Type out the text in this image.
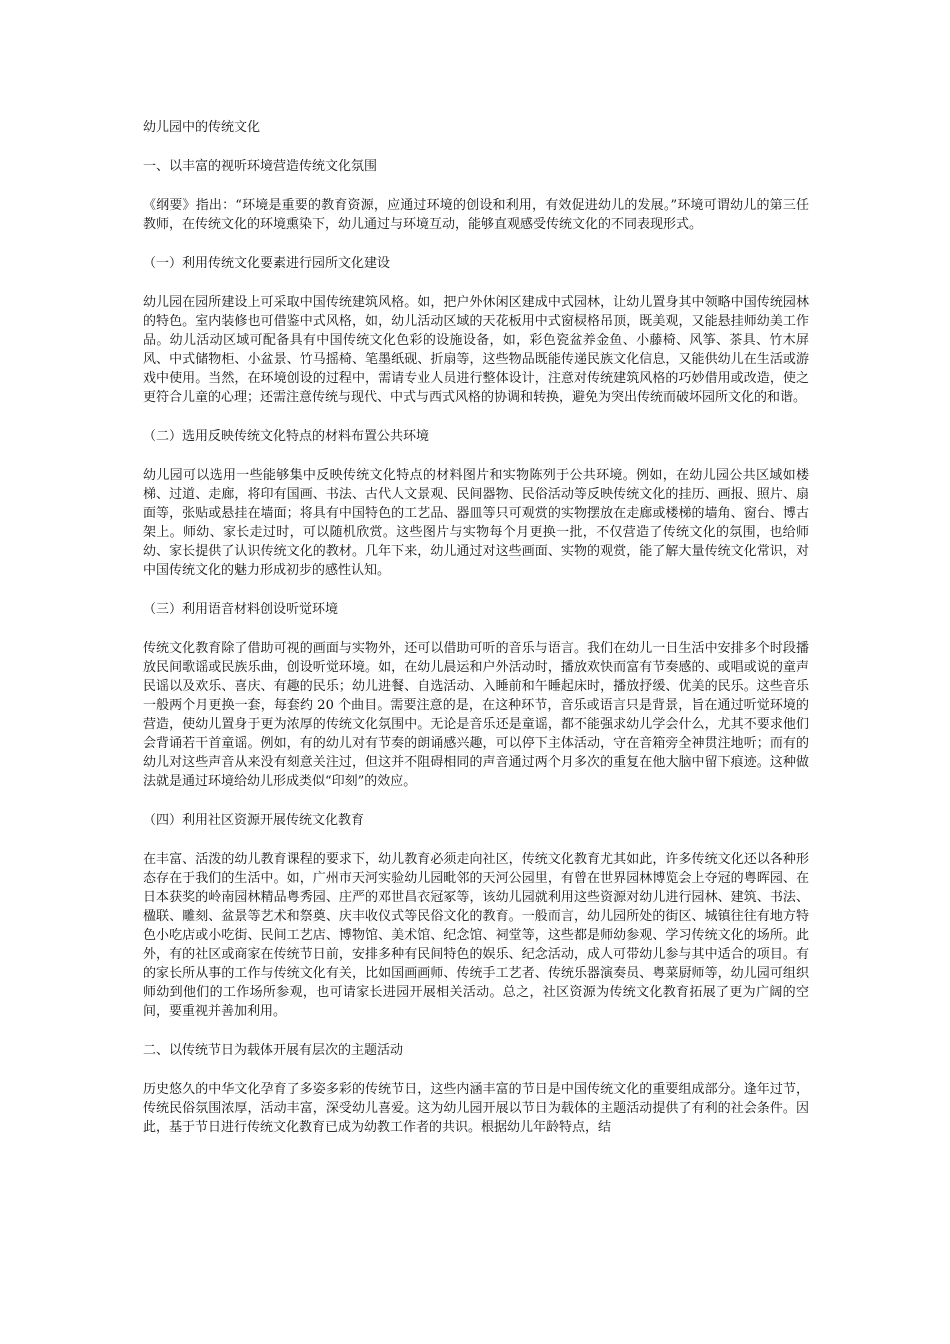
幼儿园中的传统文化

一、以丰富的视听环境营造传统文化氛围

《纲要》指出：“环境是重要的教育资源，应通过环境的创设和利用，有效促进幼儿的发展。”环境可谓幼儿的第三任教师，在传统文化的环境熏染下，幼儿通过与环境互动，能够直观感受传统文化的不同表现形式。

（一）利用传统文化要素进行园所文化建设

幼儿园在园所建设上可采取中国传统建筑风格。如，把户外休闲区建成中式园林，让幼儿置身其中领略中国传统园林的特色。室内装修也可借鉴中式风格，如，幼儿活动区域的天花板用中式窗棂格吊顶，既美观，又能悬挂师幼美工作品。幼儿活动区域可配备具有中国传统文化色彩的设施设备，如，彩色瓷盆养金鱼、小藤椅、风筝、茶具、竹木屏风、中式储物柜、小盆景、竹马摇椅、笔墨纸砚、折扇等，这些物品既能传递民族文化信息，又能供幼儿在生活或游戏中使用。当然，在环境创设的过程中，需请专业人员进行整体设计，注意对传统建筑风格的巧妙借用或改造，使之更符合儿童的心理；还需注意传统与现代、中式与西式风格的协调和转换，避免为突出传统而破坏园所文化的和谐。

（二）选用反映传统文化特点的材料布置公共环境

幼儿园可以选用一些能够集中反映传统文化特点的材料图片和实物陈列于公共环境。例如，在幼儿园公共区域如楼梯、过道、走廊，将印有国画、书法、古代人文景观、民间器物、民俗活动等反映传统文化的挂历、画报、照片、扇面等，张贴或悬挂在墙面；将具有中国特色的工艺品、器皿等只可观赏的实物摆放在走廊或楼梯的墙角、窗台、博古架上。师幼、家长走过时，可以随机欣赏。这些图片与实物每个月更换一批，不仅营造了传统文化的氛围，也给师幼、家长提供了认识传统文化的教材。几年下来，幼儿通过对这些画面、实物的观赏，能了解大量传统文化常识，对中国传统文化的魅力形成初步的感性认知。

（三）利用语音材料创设听觉环境

传统文化教育除了借助可视的画面与实物外，还可以借助可听的音乐与语言。我们在幼儿一日生活中安排多个时段播放民间歌谣或民族乐曲，创设听觉环境。如，在幼儿晨运和户外活动时，播放欢快而富有节奏感的、或唱或说的童声民谣以及欢乐、喜庆、有趣的民乐；幼儿进餐、自选活动、入睡前和午睡起床时，播放抒缓、优美的民乐。这些音乐一般两个月更换一套，每套约 20 个曲目。需要注意的是，在这种环节，音乐或语言只是背景，旨在通过听觉环境的营造，使幼儿置身于更为浓厚的传统文化氛围中。无论是音乐还是童谣，都不能强求幼儿学会什么，尤其不要求他们会背诵若干首童谣。例如，有的幼儿对有节奏的朗诵感兴趣，可以停下主体活动，守在音箱旁全神贯注地听；而有的幼儿对这些声音从来没有刻意关注过，但这并不阻碍相同的声音通过两个月多次的重复在他大脑中留下痕迹。这种做法就是通过环境给幼儿形成类似“印刻”的效应。

（四）利用社区资源开展传统文化教育

在丰富、活泼的幼儿教育课程的要求下，幼儿教育必须走向社区，传统文化教育尤其如此，许多传统文化还以各种形态存在于我们的生活中。如，广州市天河实验幼儿园毗邻的天河公园里，有曾在世界园林博览会上夺冠的粤晖园、在日本获奖的岭南园林精品粤秀园、庄严的邓世昌衣冠冢等，该幼儿园就利用这些资源对幼儿进行园林、建筑、书法、楹联、雕刻、盆景等艺术和祭奠、庆丰收仪式等民俗文化的教育。一般而言，幼儿园所处的街区、城镇往往有地方特色小吃店或小吃街、民间工艺店、博物馆、美术馆、纪念馆、祠堂等，这些都是师幼参观、学习传统文化的场所。此外，有的社区或商家在传统节日前，安排多种有民间特色的娱乐、纪念活动，成人可带幼儿参与其中适合的项目。有的家长所从事的工作与传统文化有关，比如国画画师、传统手工艺者、传统乐器演奏员、粤菜厨师等，幼儿园可组织师幼到他们的工作场所参观，也可请家长进园开展相关活动。总之，社区资源为传统文化教育拓展了更为广阔的空间，要重视并善加利用。

二、以传统节日为载体开展有层次的主题活动

历史悠久的中华文化孕育了多姿多彩的传统节日，这些内涵丰富的节日是中国传统文化的重要组成部分。逢年过节，传统民俗氛围浓厚，活动丰富，深受幼儿喜爱。这为幼儿园开展以节日为载体的主题活动提供了有利的社会条件。因此，基于节日进行传统文化教育已成为幼教工作者的共识。根据幼儿年龄特点，结
